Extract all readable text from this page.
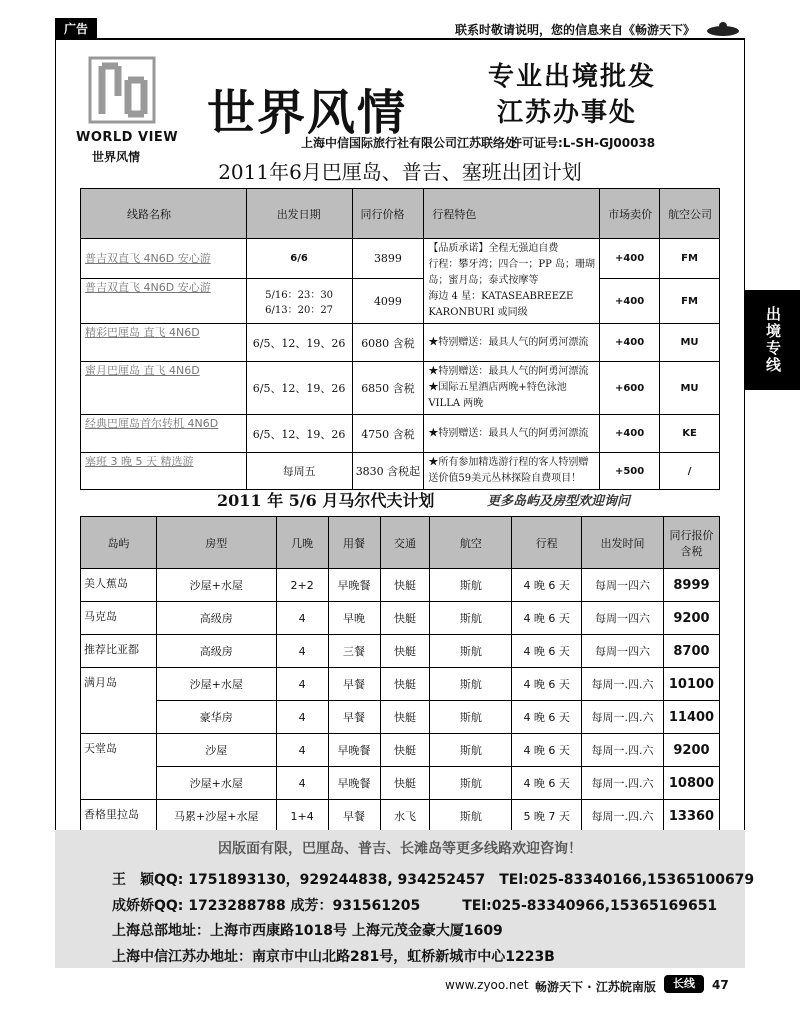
广告	联系时敬请说明，您的信息来自《畅游天下》
WORLD VIEW
世界风情
世界风情
专业出境批发
江苏办事处
上海中信国际旅行社有限公司江苏联络处
许可证号:L-SH-GJ00038
2011年6月巴厘岛、普吉、塞班出团计划
线路名称	出发日期	同行价格	行程特色	市场卖价	航空公司
普吉双直飞 4N6D 安心游	6/6	3899	【品质承诺】全程无强迫自费
行程：攀牙湾；四合一；PP 岛；珊瑚岛；蜜月岛；泰式按摩等
海边 4 星：KATASEABREEZE KARONBURI 或同级	+400	FM
普吉双直飞 4N6D 安心游	5/16：23：30
6/13：20：27	4099		+400	FM
精彩巴厘岛 直飞 4N6D	6/5、12、19、26	6080 含税	★特别赠送：最具人气的阿勇河漂流	+400	MU
蜜月巴厘岛 直飞 4N6D	6/5、12、19、26	6850 含税	★特别赠送：最具人气的阿勇河漂流
★国际五星酒店两晚+特色泳池VILLA 两晚	+600	MU
经典巴厘岛首尔转机 4N6D	6/5、12、19、26	4750 含税	★特别赠送：最具人气的阿勇河漂流	+400	KE
塞班 3 晚 5 天 精选游	每周五	3830 含税起	★所有参加精选游行程的客人特别赠送价值59美元丛林探险自费项目！	+500	/
2011 年 5/6 月马尔代夫计划	更多岛屿及房型欢迎询问
岛屿	房型	几晚	用餐	交通	航空	行程	出发时间	同行报价含税
美人蕉岛	沙屋+水屋	2+2	早晚餐	快艇	斯航	4 晚 6 天	每周一四六	8999
马克岛	高级房	4	早晚	快艇	斯航	4 晚 6 天	每周一四六	9200
推荐比亚都	高级房	4	三餐	快艇	斯航	4 晚 6 天	每周一四六	8700
满月岛	沙屋+水屋	4	早餐	快艇	斯航	4 晚 6 天	每周一.四.六	10100
	豪华房	4	早餐	快艇	斯航	4 晚 6 天	每周一.四.六	11400
天堂岛	沙屋	4	早晚餐	快艇	斯航	4 晚 6 天	每周一.四.六	9200
	沙屋+水屋	4	早晚餐	快艇	斯航	4 晚 6 天	每周一.四.六	10800
香格里拉岛	马累+沙屋+水屋	1+4	早餐	水飞	斯航	5 晚 7 天	每周一.四.六	13360
因版面有限，巴厘岛、普吉、长滩岛等更多线路欢迎咨询！
王　颖QQ: 1751893130，929244838, 934252457　TEl:025-83340166,15365100679
成娇娇QQ: 1723288788 成芳：931561205　　　TEl:025-83340966,15365169651
上海总部地址：上海市西康路1018号 上海元茂金豪大厦1609
上海中信江苏办地址：南京市中山北路281号，虹桥新城市中心1223B
www.zyoo.net 畅游天下 · 江苏皖南版	长线	47
出境专线
